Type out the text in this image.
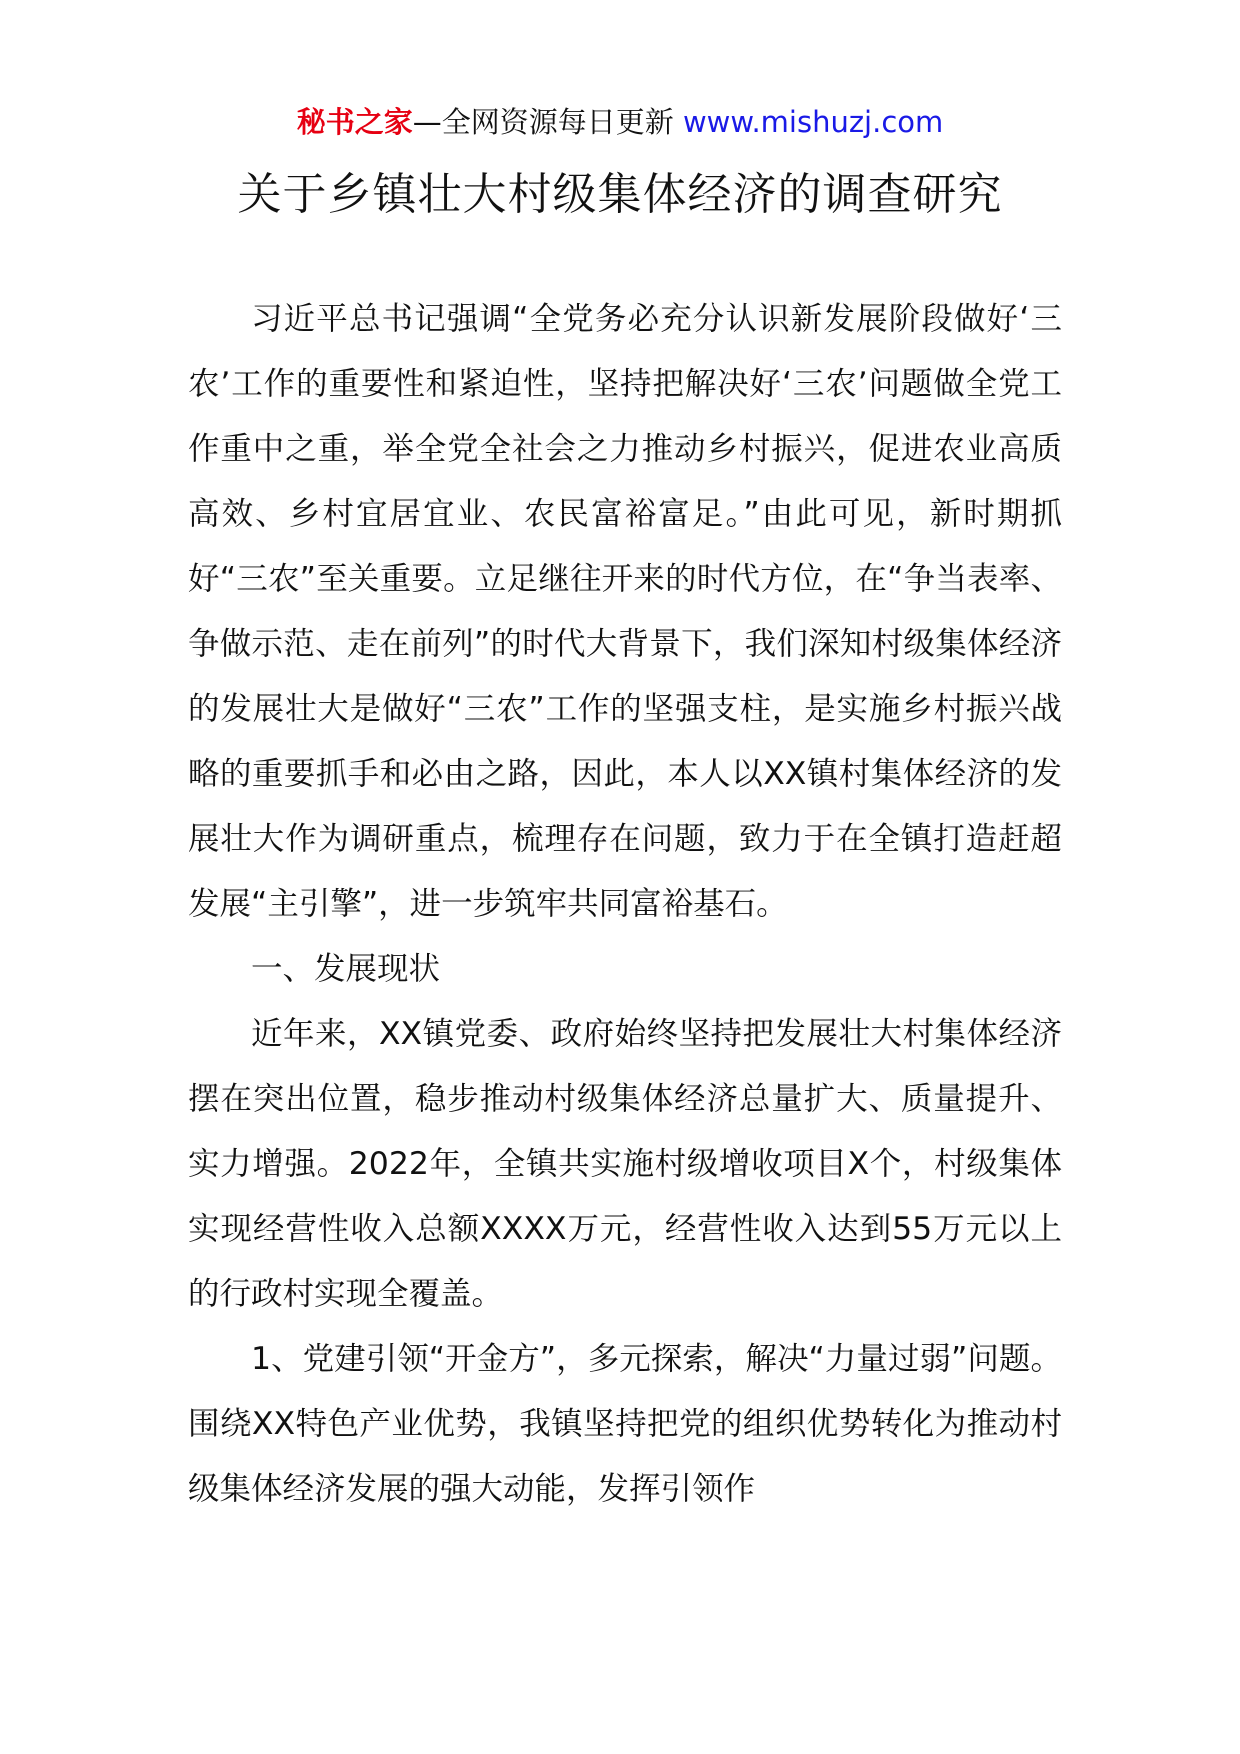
秘书之家—全网资源每日更新 www.mishuzj.com
关于乡镇壮大村级集体经济的调查研究

习近平总书记强调“全党务必充分认识新发展阶段做好‘三农’工作的重要性和紧迫性，坚持把解决好‘三农’问题做全党工作重中之重，举全党全社会之力推动乡村振兴，促进农业高质高效、乡村宜居宜业、农民富裕富足。”由此可见，新时期抓好“三农”至关重要。立足继往开来的时代方位，在“争当表率、争做示范、走在前列”的时代大背景下，我们深知村级集体经济的发展壮大是做好“三农”工作的坚强支柱，是实施乡村振兴战略的重要抓手和必由之路，因此，本人以XX镇村集体经济的发展壮大作为调研重点，梳理存在问题，致力于在全镇打造赶超发展“主引擎”，进一步筑牢共同富裕基石。

一、发展现状

近年来，XX镇党委、政府始终坚持把发展壮大村集体经济摆在突出位置，稳步推动村级集体经济总量扩大、质量提升、实力增强。2022年，全镇共实施村级增收项目X个，村级集体实现经营性收入总额XXXX万元，经营性收入达到55万元以上的行政村实现全覆盖。

1、党建引领“开金方”，多元探索，解决“力量过弱”问题。围绕XX特色产业优势，我镇坚持把党的组织优势转化为推动村级集体经济发展的强大动能，发挥引领作
